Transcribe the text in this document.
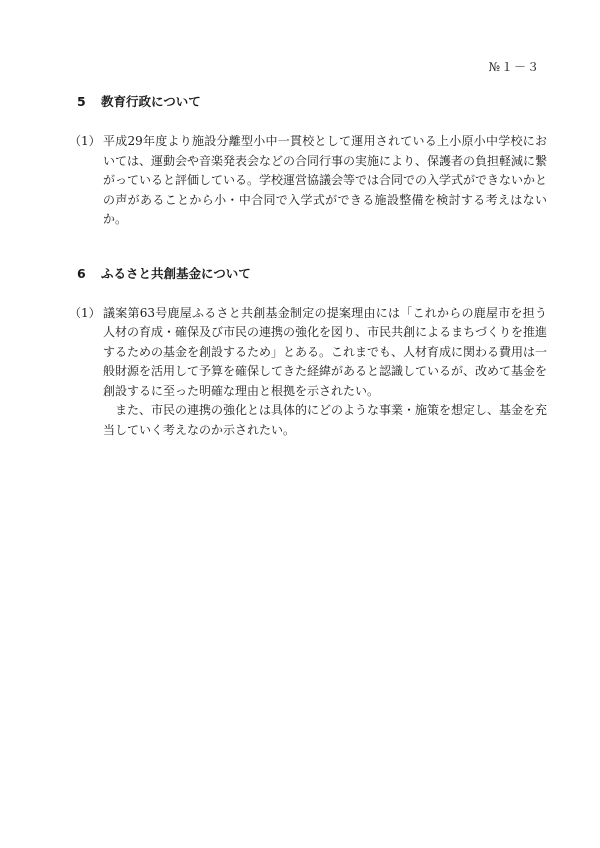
№１－３
5	教育行政について
（1） 平成29年度より施設分離型小中一貫校として運用されている上小原小中学校においては、運動会や音楽発表会などの合同行事の実施により、保護者の負担軽減に繋がっていると評価している。学校運営協議会等では合同での入学式ができないかとの声があることから小・中合同で入学式ができる施設整備を検討する考えはないか。

6	ふるさと共創基金について
（1） 議案第63号鹿屋ふるさと共創基金制定の提案理由には「これからの鹿屋市を担う人材の育成・確保及び市民の連携の強化を図り、市民共創によるまちづくりを推進するための基金を創設するため」とある。これまでも、人材育成に関わる費用は一般財源を活用して予算を確保してきた経緯があると認識しているが、改めて基金を創設するに至った明確な理由と根拠を示されたい。

また、市民の連携の強化とは具体的にどのような事業・施策を想定し、基金を充当していく考えなのか示されたい。
